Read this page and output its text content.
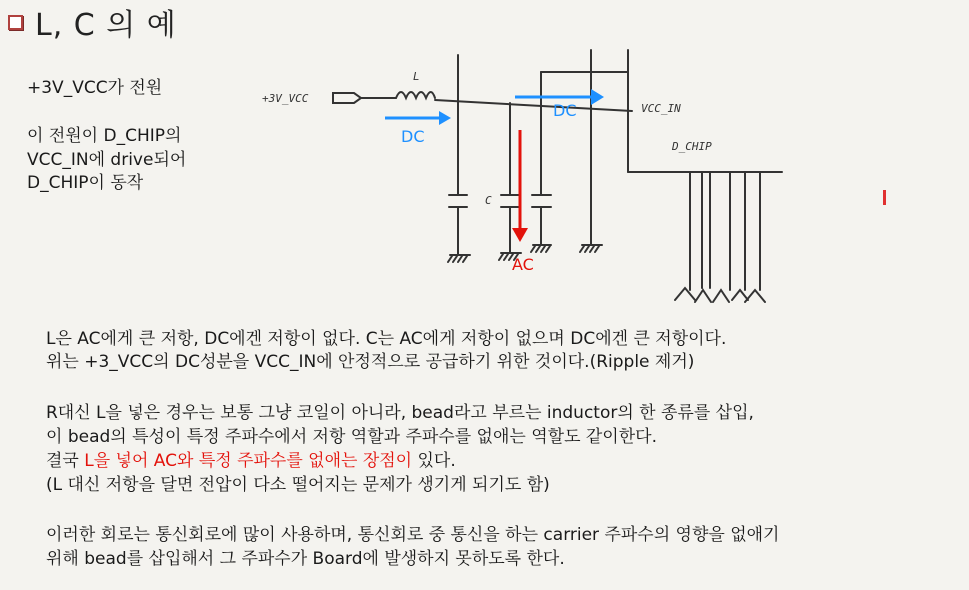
L, C 의 예
+3V_VCC가 전원
이 전원이 D_CHIP의
VCC_IN에 drive되어
D_CHIP이 동작
+3V_VCC
L
C
VCC_IN
D_CHIP
DC
DC
AC
L은 AC에게 큰 저항, DC에겐 저항이 없다. C는 AC에게 저항이 없으며 DC에겐 큰 저항이다.
위는 +3_VCC의 DC성분을 VCC_IN에 안정적으로 공급하기 위한 것이다.(Ripple 제거)
R대신 L을 넣은 경우는 보통 그냥 코일이 아니라, bead라고 부르는 inductor의 한 종류를 삽입,
이 bead의 특성이 특정 주파수에서 저항 역할과 주파수를 없애는 역할도 같이한다.
결국 L을 넣어 AC와 특정 주파수를 없애는 장점이 있다.
(L 대신 저항을 달면 전압이 다소 떨어지는 문제가 생기게 되기도 함)
이러한 회로는 통신회로에 많이 사용하며, 통신회로 중 통신을 하는 carrier 주파수의 영향을 없애기
위해 bead를 삽입해서 그 주파수가 Board에 발생하지 못하도록 한다.
